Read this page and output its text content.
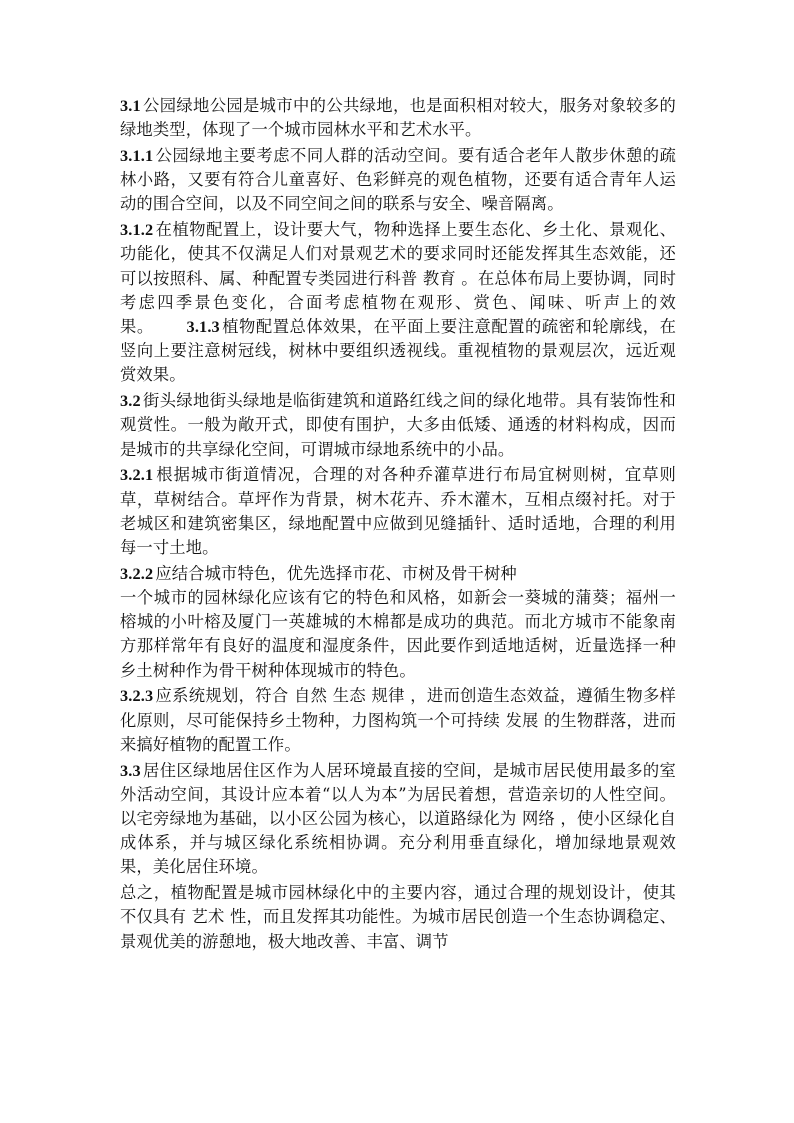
3.1 公园绿地公园是城市中的公共绿地，也是面积相对较大，服务对象较多的绿地类型，体现了一个城市园林水平和艺术水平。

3.1.1 公园绿地主要考虑不同人群的活动空间。要有适合老年人散步休憩的疏林小路，又要有符合儿童喜好、色彩鲜亮的观色植物，还要有适合青年人运动的围合空间，以及不同空间之间的联系与安全、噪音隔离。

3.1.2 在植物配置上，设计要大气，物种选择上要生态化、乡土化、景观化、功能化，使其不仅满足人们对景观艺术的要求同时还能发挥其生态效能，还可以按照科、属、种配置专类园进行科普 教育 。在总体布局上要协调，同时考虑四季景色变化，合面考虑植物在观形、赏色、闻味、听声上的效果。   3.1.3 植物配置总体效果，在平面上要注意配置的疏密和轮廓线，在竖向上要注意树冠线，树林中要组织透视线。重视植物的景观层次，远近观赏效果。

3.2 街头绿地街头绿地是临街建筑和道路红线之间的绿化地带。具有装饰性和观赏性。一般为敞开式，即使有围护，大多由低矮、通透的材料构成，因而是城市的共享绿化空间，可谓城市绿地系统中的小品。

3.2.1 根据城市街道情况，合理的对各种乔灌草进行布局宜树则树，宜草则草，草树结合。草坪作为背景，树木花卉、乔木灌木，互相点缀衬托。对于老城区和建筑密集区，绿地配置中应做到见缝插针、适时适地，合理的利用每一寸土地。

3.2.2 应结合城市特色，优先选择市花、市树及骨干树种
一个城市的园林绿化应该有它的特色和风格，如新会一葵城的蒲葵；福州一榕城的小叶榕及厦门一英雄城的木棉都是成功的典范。而北方城市不能象南方那样常年有良好的温度和湿度条件，因此要作到适地适树，近量选择一种乡土树种作为骨干树种体现城市的特色。

3.2.3 应系统规划，符合 自然 生态 规律 ，进而创造生态效益，遵循生物多样化原则，尽可能保持乡土物种，力图构筑一个可持续 发展 的生物群落，进而来搞好植物的配置工作。

3.3 居住区绿地居住区作为人居环境最直接的空间，是城市居民使用最多的室外活动空间，其设计应本着“以人为本”为居民着想，营造亲切的人性空间。以宅旁绿地为基础，以小区公园为核心，以道路绿化为 网络 ，使小区绿化自成体系，并与城区绿化系统相协调。充分利用垂直绿化，增加绿地景观效果，美化居住环境。

总之，植物配置是城市园林绿化中的主要内容，通过合理的规划设计，使其不仅具有 艺术 性，而且发挥其功能性。为城市居民创造一个生态协调稳定、景观优美的游憩地，极大地改善、丰富、调节
